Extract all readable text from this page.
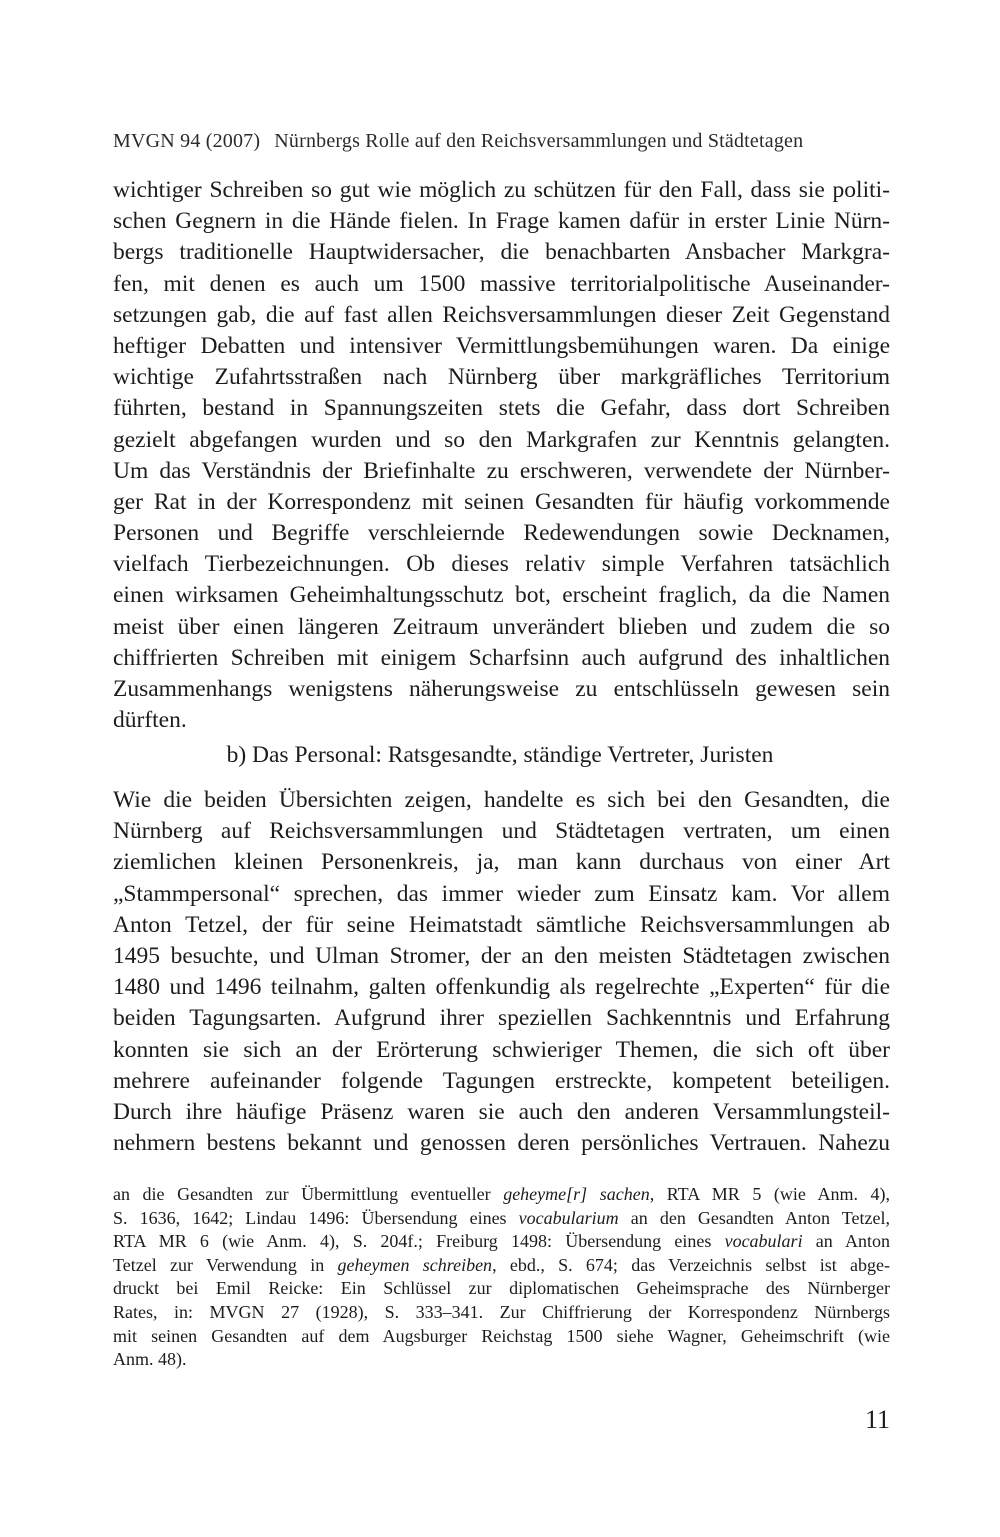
MVGN 94 (2007) Nürnbergs Rolle auf den Reichsversammlungen und Städtetagen
wichtiger Schreiben so gut wie möglich zu schützen für den Fall, dass sie politi-
schen Gegnern in die Hände fielen. In Frage kamen dafür in erster Linie Nürn-
bergs traditionelle Hauptwidersacher, die benachbarten Ansbacher Markgra-
fen, mit denen es auch um 1500 massive territorialpolitische Auseinander-
setzungen gab, die auf fast allen Reichsversammlungen dieser Zeit Gegenstand
heftiger Debatten und intensiver Vermittlungsbemühungen waren. Da einige
wichtige Zufahrtsstraßen nach Nürnberg über markgräfliches Territorium
führten, bestand in Spannungszeiten stets die Gefahr, dass dort Schreiben
gezielt abgefangen wurden und so den Markgrafen zur Kenntnis gelangten.
Um das Verständnis der Briefinhalte zu erschweren, verwendete der Nürnber-
ger Rat in der Korrespondenz mit seinen Gesandten für häufig vorkommende
Personen und Begriffe verschleiernde Redewendungen sowie Decknamen,
vielfach Tierbezeichnungen. Ob dieses relativ simple Verfahren tatsächlich
einen wirksamen Geheimhaltungsschutz bot, erscheint fraglich, da die Namen
meist über einen längeren Zeitraum unverändert blieben und zudem die so
chiffrierten Schreiben mit einigem Scharfsinn auch aufgrund des inhaltlichen
Zusammenhangs wenigstens näherungsweise zu entschlüsseln gewesen sein
dürften.
b) Das Personal: Ratsgesandte, ständige Vertreter, Juristen
Wie die beiden Übersichten zeigen, handelte es sich bei den Gesandten, die
Nürnberg auf Reichsversammlungen und Städtetagen vertraten, um einen
ziemlichen kleinen Personenkreis, ja, man kann durchaus von einer Art
„Stammpersonal“ sprechen, das immer wieder zum Einsatz kam. Vor allem
Anton Tetzel, der für seine Heimatstadt sämtliche Reichsversammlungen ab
1495 besuchte, und Ulman Stromer, der an den meisten Städtetagen zwischen
1480 und 1496 teilnahm, galten offenkundig als regelrechte „Experten“ für die
beiden Tagungsarten. Aufgrund ihrer speziellen Sachkenntnis und Erfahrung
konnten sie sich an der Erörterung schwieriger Themen, die sich oft über
mehrere aufeinander folgende Tagungen erstreckte, kompetent beteiligen.
Durch ihre häufige Präsenz waren sie auch den anderen Versammlungsteil-
nehmern bestens bekannt und genossen deren persönliches Vertrauen. Nahezu
an die Gesandten zur Übermittlung eventueller geheyme[r] sachen, RTA MR 5 (wie Anm. 4),
S. 1636, 1642; Lindau 1496: Übersendung eines vocabularium an den Gesandten Anton Tetzel,
RTA MR 6 (wie Anm. 4), S. 204f.; Freiburg 1498: Übersendung eines vocabulari an Anton
Tetzel zur Verwendung in geheymen schreiben, ebd., S. 674; das Verzeichnis selbst ist abge-
druckt bei Emil Reicke: Ein Schlüssel zur diplomatischen Geheimsprache des Nürnberger
Rates, in: MVGN 27 (1928), S. 333–341. Zur Chiffrierung der Korrespondenz Nürnbergs
mit seinen Gesandten auf dem Augsburger Reichstag 1500 siehe Wagner, Geheimschrift (wie
Anm. 48).
11
